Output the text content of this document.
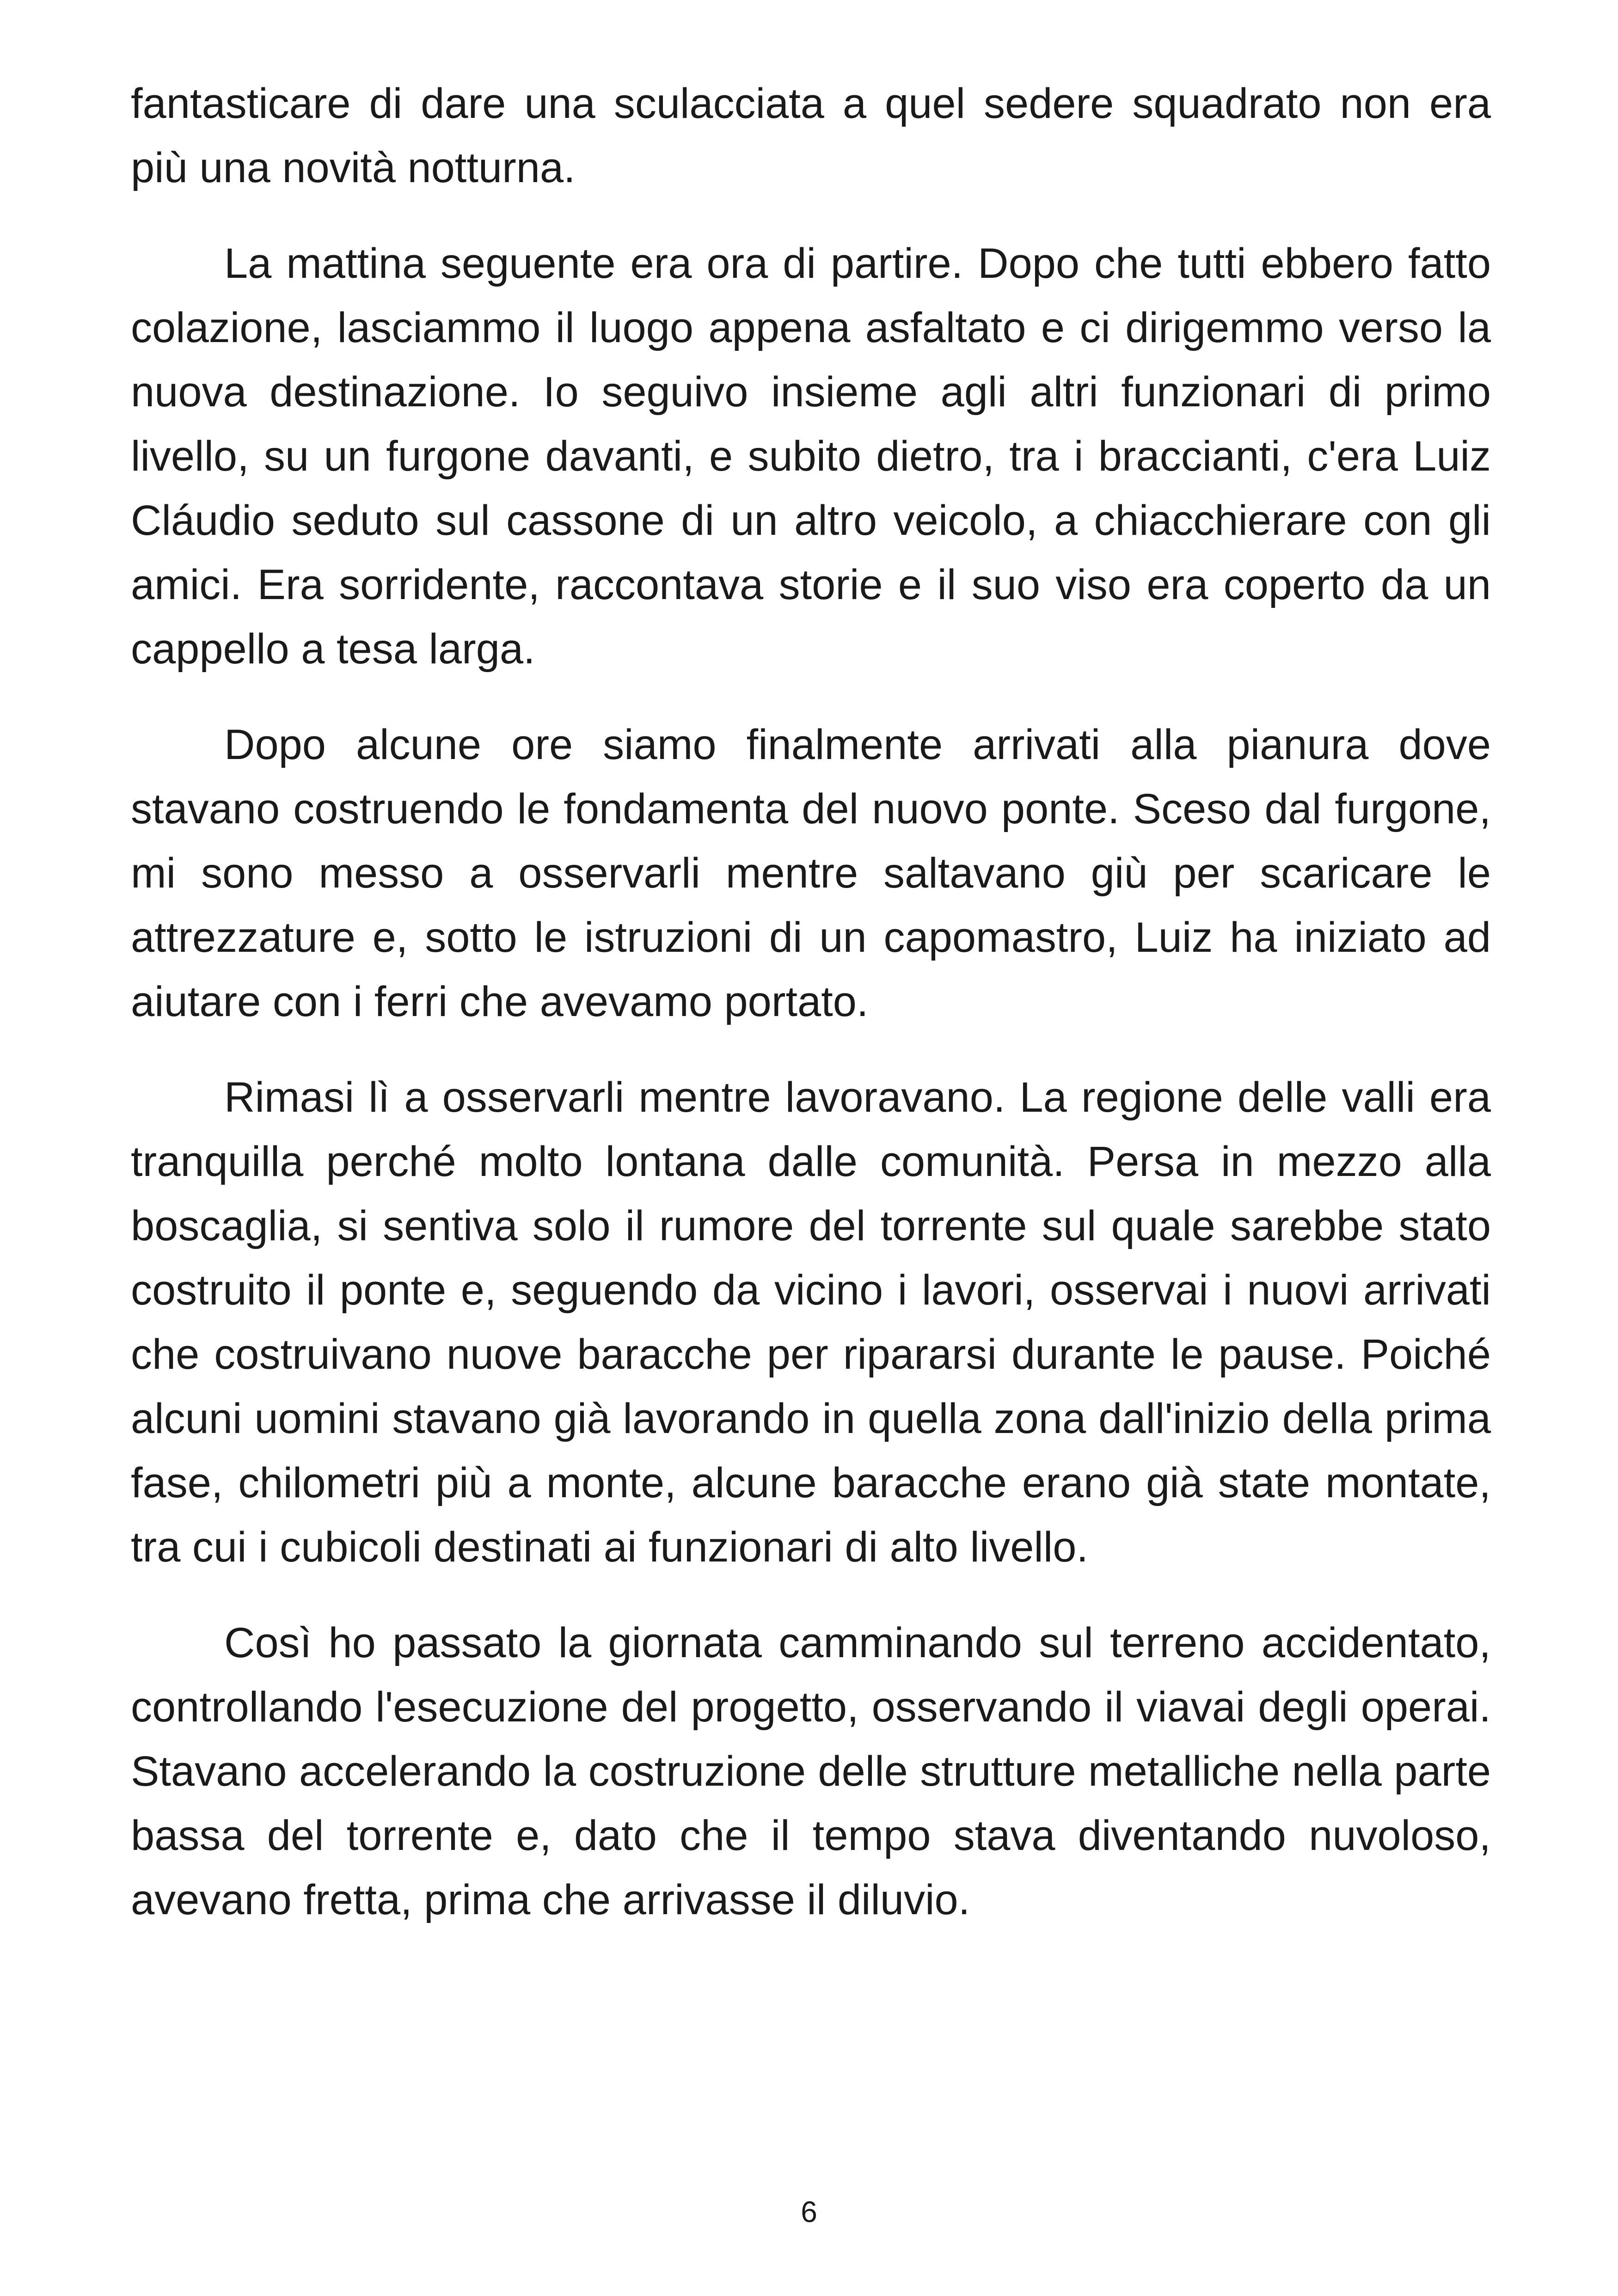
fantasticare di dare una sculacciata a quel sedere squadrato non era più una novità notturna.

La mattina seguente era ora di partire. Dopo che tutti ebbero fatto colazione, lasciammo il luogo appena asfaltato e ci dirigemmo verso la nuova destinazione. Io seguivo insieme agli altri funzionari di primo livello, su un furgone davanti, e subito dietro, tra i braccianti, c'era Luiz Cláudio seduto sul cassone di un altro veicolo, a chiacchierare con gli amici. Era sorridente, raccontava storie e il suo viso era coperto da un cappello a tesa larga.

Dopo alcune ore siamo finalmente arrivati alla pianura dove stavano costruendo le fondamenta del nuovo ponte. Sceso dal furgone, mi sono messo a osservarli mentre saltavano giù per scaricare le attrezzature e, sotto le istruzioni di un capomastro, Luiz ha iniziato ad aiutare con i ferri che avevamo portato.

Rimasi lì a osservarli mentre lavoravano. La regione delle valli era tranquilla perché molto lontana dalle comunità. Persa in mezzo alla boscaglia, si sentiva solo il rumore del torrente sul quale sarebbe stato costruito il ponte e, seguendo da vicino i lavori, osservai i nuovi arrivati che costruivano nuove baracche per ripararsi durante le pause. Poiché alcuni uomini stavano già lavorando in quella zona dall'inizio della prima fase, chilometri più a monte, alcune baracche erano già state montate, tra cui i cubicoli destinati ai funzionari di alto livello.

Così ho passato la giornata camminando sul terreno accidentato, controllando l'esecuzione del progetto, osservando il viavai degli operai. Stavano accelerando la costruzione delle strutture metalliche nella parte bassa del torrente e, dato che il tempo stava diventando nuvoloso, avevano fretta, prima che arrivasse il diluvio.

6
